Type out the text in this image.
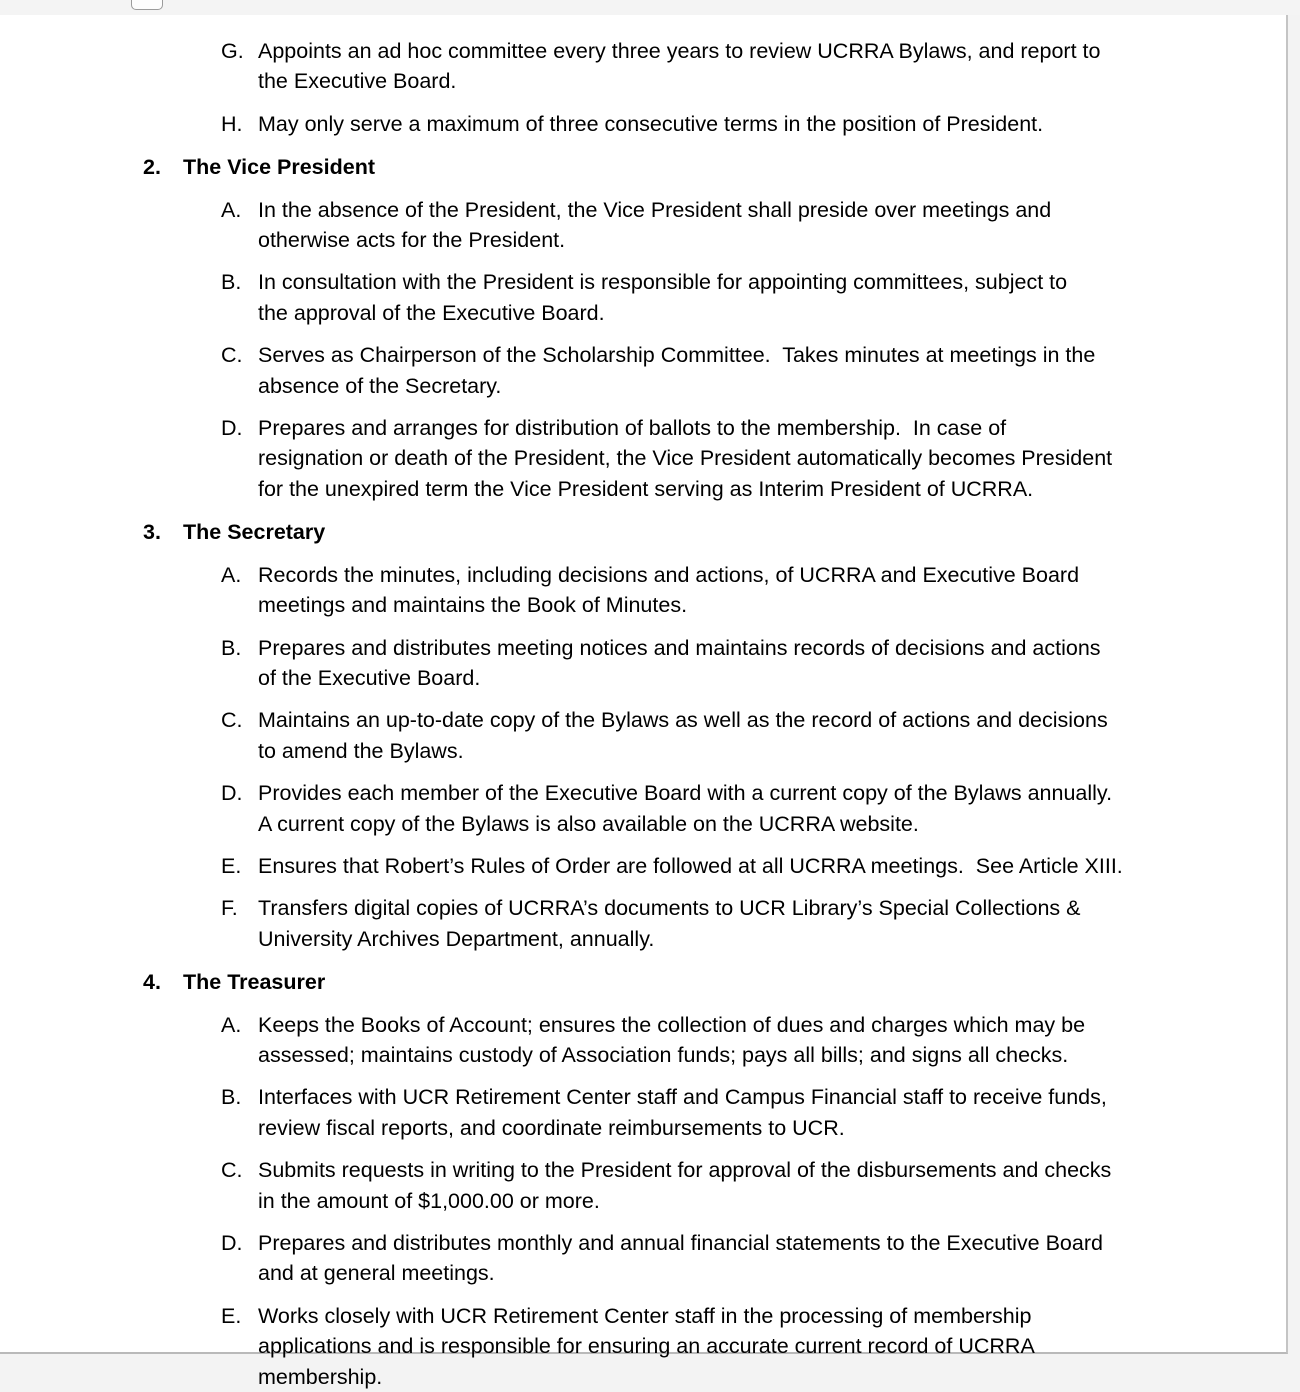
G. Appoints an ad hoc committee every three years to review UCRRA Bylaws, and report to
the Executive Board.
H. May only serve a maximum of three consecutive terms in the position of President.
2.	The Vice President
A. In the absence of the President, the Vice President shall preside over meetings and
otherwise acts for the President.
B. In consultation with the President is responsible for appointing committees, subject to
the approval of the Executive Board.
C. Serves as Chairperson of the Scholarship Committee.  Takes minutes at meetings in the
absence of the Secretary.
D. Prepares and arranges for distribution of ballots to the membership.  In case of
resignation or death of the President, the Vice President automatically becomes President
for the unexpired term the Vice President serving as Interim President of UCRRA.
3.	The Secretary
A. Records the minutes, including decisions and actions, of UCRRA and Executive Board
meetings and maintains the Book of Minutes.
B. Prepares and distributes meeting notices and maintains records of decisions and actions
of the Executive Board.
C. Maintains an up-to-date copy of the Bylaws as well as the record of actions and decisions
to amend the Bylaws.
D. Provides each member of the Executive Board with a current copy of the Bylaws annually.
A current copy of the Bylaws is also available on the UCRRA website.
E. Ensures that Robert’s Rules of Order are followed at all UCRRA meetings.  See Article XIII.
F. Transfers digital copies of UCRRA’s documents to UCR Library’s Special Collections &
University Archives Department, annually.
4.	The Treasurer
A. Keeps the Books of Account; ensures the collection of dues and charges which may be
assessed; maintains custody of Association funds; pays all bills; and signs all checks.
B. Interfaces with UCR Retirement Center staff and Campus Financial staff to receive funds,
review fiscal reports, and coordinate reimbursements to UCR.
C. Submits requests in writing to the President for approval of the disbursements and checks
in the amount of $1,000.00 or more.
D. Prepares and distributes monthly and annual financial statements to the Executive Board
and at general meetings.
E. Works closely with UCR Retirement Center staff in the processing of membership
applications and is responsible for ensuring an accurate current record of UCRRA
membership.
